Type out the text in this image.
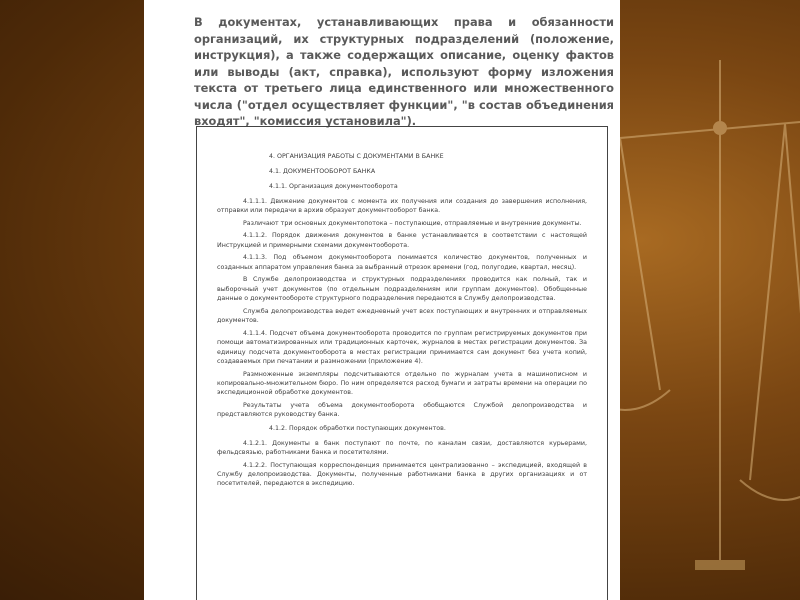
В документах, устанавливающих права и обязанности организаций, их структурных подразделений (положение, инструкция), а также содержащих описание, оценку фактов или выводы (акт, справка), используют форму изложения текста от третьего лица единственного или множественного числа ("отдел осуществляет функции", "в состав объединения входят", "комиссия установила").

4. ОРГАНИЗАЦИЯ РАБОТЫ С ДОКУМЕНТАМИ В БАНКЕ
4.1. ДОКУМЕНТООБОРОТ БАНКА
4.1.1. Организация документооборота

4.1.1.1. Движение документов с момента их получения или создания до завершения исполнения, отправки или передачи в архив образует документооборот банка.

Различают три основных документопотока – поступающие, отправляемые и внутренние документы.

4.1.1.2. Порядок движения документов в банке устанавливается в соответствии с настоящей Инструкцией и примерными схемами документооборота.

4.1.1.3. Под объемом документооборота понимается количество документов, полученных и созданных аппаратом управления банка за выбранный отрезок времени (год, полугодие, квартал, месяц).

В Службе делопроизводства и структурных подразделениях проводится как полный, так и выборочный учет документов (по отдельным подразделениям или группам документов). Обобщенные данные о документообороте структурного подразделения передаются в Службу делопроизводства.

Служба делопроизводства ведет ежедневный учет всех поступающих и внутренних и отправляемых документов.

4.1.1.4. Подсчет объема документооборота проводится по группам регистрируемых документов при помощи автоматизированных или традиционных карточек, журналов в местах регистрации документов. За единицу подсчета документооборота в местах регистрации принимается сам документ без учета копий, создаваемых при печатании и размножении (приложение 4).

Размноженные экземпляры подсчитываются отдельно по журналам учета в машинописном и копировально-множительном бюро. По ним определяется расход бумаги и затраты времени на операции по экспедиционной обработке документов.

Результаты учета объема документооборота обобщаются Службой делопроизводства и представляются руководству банка.

4.1.2. Порядок обработки поступающих документов.

4.1.2.1. Документы в банк поступают по почте, по каналам связи, доставляются курьерами, фельдсвязью, работниками банка и посетителями.

4.1.2.2. Поступающая корреспонденция принимается централизованно – экспедицией, входящей в Службу делопроизводства. Документы, полученные работниками банка в других организациях и от посетителей, передаются в экспедицию.
